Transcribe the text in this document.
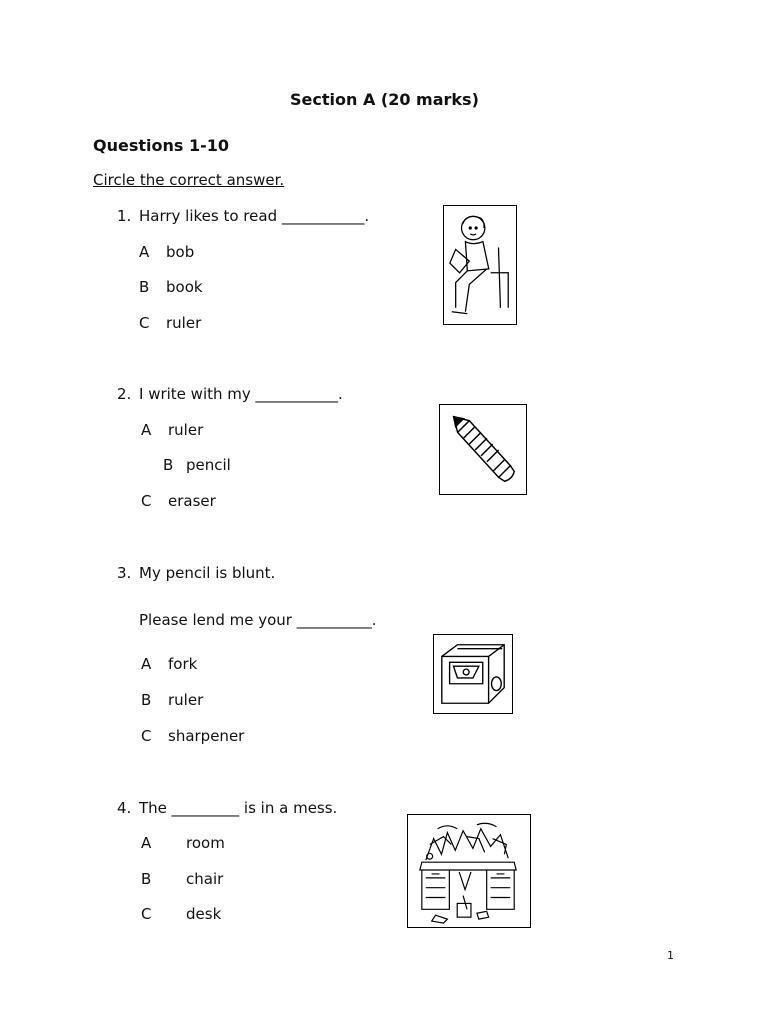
Section A (20 marks)
Questions 1-10
Circle the correct answer.
1. Harry likes to read ___________.
A bob
B book
C ruler
2. I write with my ___________.
A ruler
B pencil
C eraser
3. My pencil is blunt.
Please lend me your __________.
A fork
B ruler
C sharpener
4. The _________ is in a mess.
A room
B chair
C desk
1
